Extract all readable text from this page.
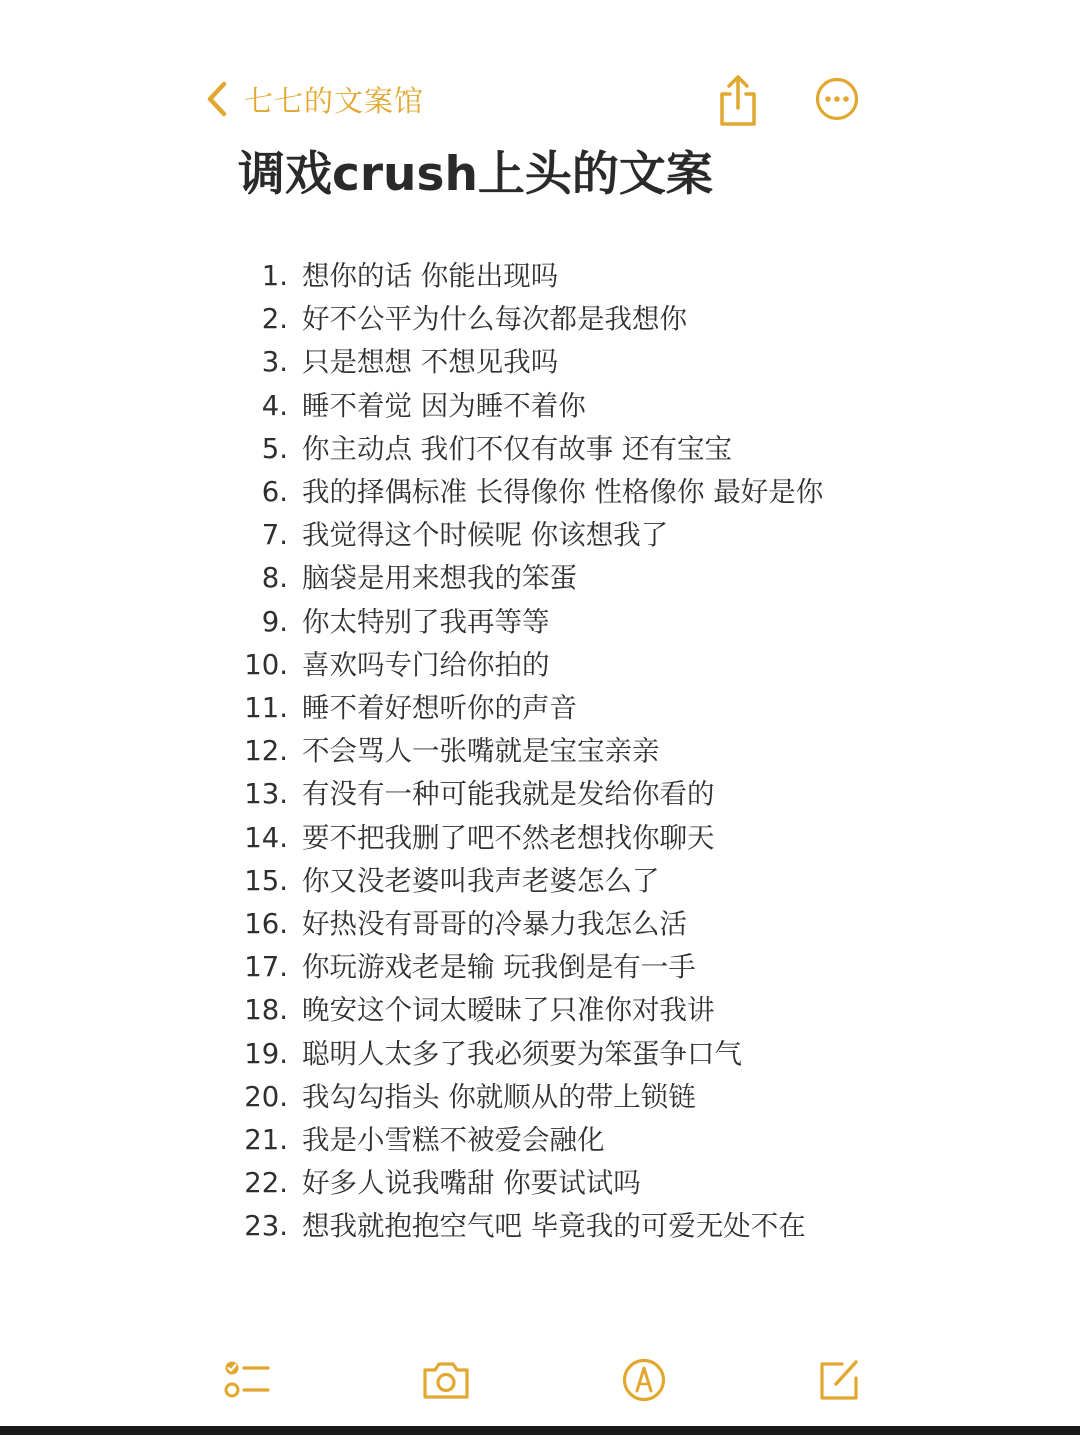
七七的文案馆
调戏crush上头的文案
1. 想你的话 你能出现吗
2. 好不公平为什么每次都是我想你
3. 只是想想 不想见我吗
4. 睡不着觉 因为睡不着你
5. 你主动点 我们不仅有故事 还有宝宝
6. 我的择偶标准 长得像你 性格像你 最好是你
7. 我觉得这个时候呢 你该想我了
8. 脑袋是用来想我的笨蛋
9. 你太特别了我再等等
10. 喜欢吗专门给你拍的
11. 睡不着好想听你的声音
12. 不会骂人一张嘴就是宝宝亲亲
13. 有没有一种可能我就是发给你看的
14. 要不把我删了吧不然老想找你聊天
15. 你又没老婆叫我声老婆怎么了
16. 好热没有哥哥的冷暴力我怎么活
17. 你玩游戏老是输 玩我倒是有一手
18. 晚安这个词太暧昧了只准你对我讲
19. 聪明人太多了我必须要为笨蛋争口气
20. 我勾勾指头 你就顺从的带上锁链
21. 我是小雪糕不被爱会融化
22. 好多人说我嘴甜 你要试试吗
23. 想我就抱抱空气吧 毕竟我的可爱无处不在
